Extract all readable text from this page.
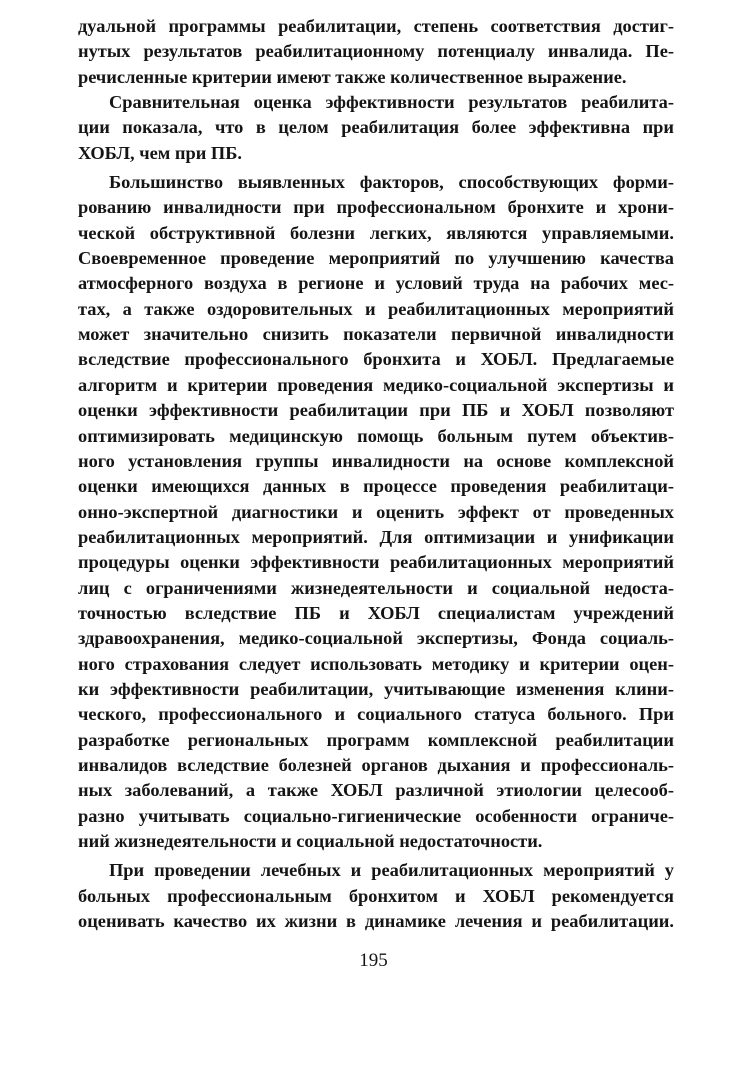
дуальной программы реабилитации, степень соответствия достиг-
нутых результатов реабилитационному потенциалу инвалида. Пе-
речисленные критерии имеют также количественное выражение.
Сравнительная оценка эффективности результатов реабилита-
ции показала, что в целом реабилитация более эффективна при
ХОБЛ, чем при ПБ.
Большинство выявленных факторов, способствующих форми-
рованию инвалидности при профессиональном бронхите и хрони-
ческой обструктивной болезни легких, являются управляемыми.
Своевременное проведение мероприятий по улучшению качества
атмосферного воздуха в регионе и условий труда на рабочих мес-
тах, а также оздоровительных и реабилитационных мероприятий
может значительно снизить показатели первичной инвалидности
вследствие профессионального бронхита и ХОБЛ. Предлагаемые
алгоритм и критерии проведения медико-социальной экспертизы и
оценки эффективности реабилитации при ПБ и ХОБЛ позволяют
оптимизировать медицинскую помощь больным путем объектив-
ного установления группы инвалидности на основе комплексной
оценки имеющихся данных в процессе проведения реабилитаци-
онно-экспертной диагностики и оценить эффект от проведенных
реабилитационных мероприятий. Для оптимизации и унификации
процедуры оценки эффективности реабилитационных мероприятий
лиц с ограничениями жизнедеятельности и социальной недоста-
точностью вследствие ПБ и ХОБЛ специалистам учреждений
здравоохранения, медико-социальной экспертизы, Фонда социаль-
ного страхования следует использовать методику и критерии оцен-
ки эффективности реабилитации, учитывающие изменения клини-
ческого, профессионального и социального статуса больного. При
разработке региональных программ комплексной реабилитации
инвалидов вследствие болезней органов дыхания и профессиональ-
ных заболеваний, а также ХОБЛ различной этиологии целесооб-
разно учитывать социально-гигиенические особенности ограниче-
ний жизнедеятельности и социальной недостаточности.
При проведении лечебных и реабилитационных мероприятий у
больных профессиональным бронхитом и ХОБЛ рекомендуется
оценивать качество их жизни в динамике лечения и реабилитации.
195
